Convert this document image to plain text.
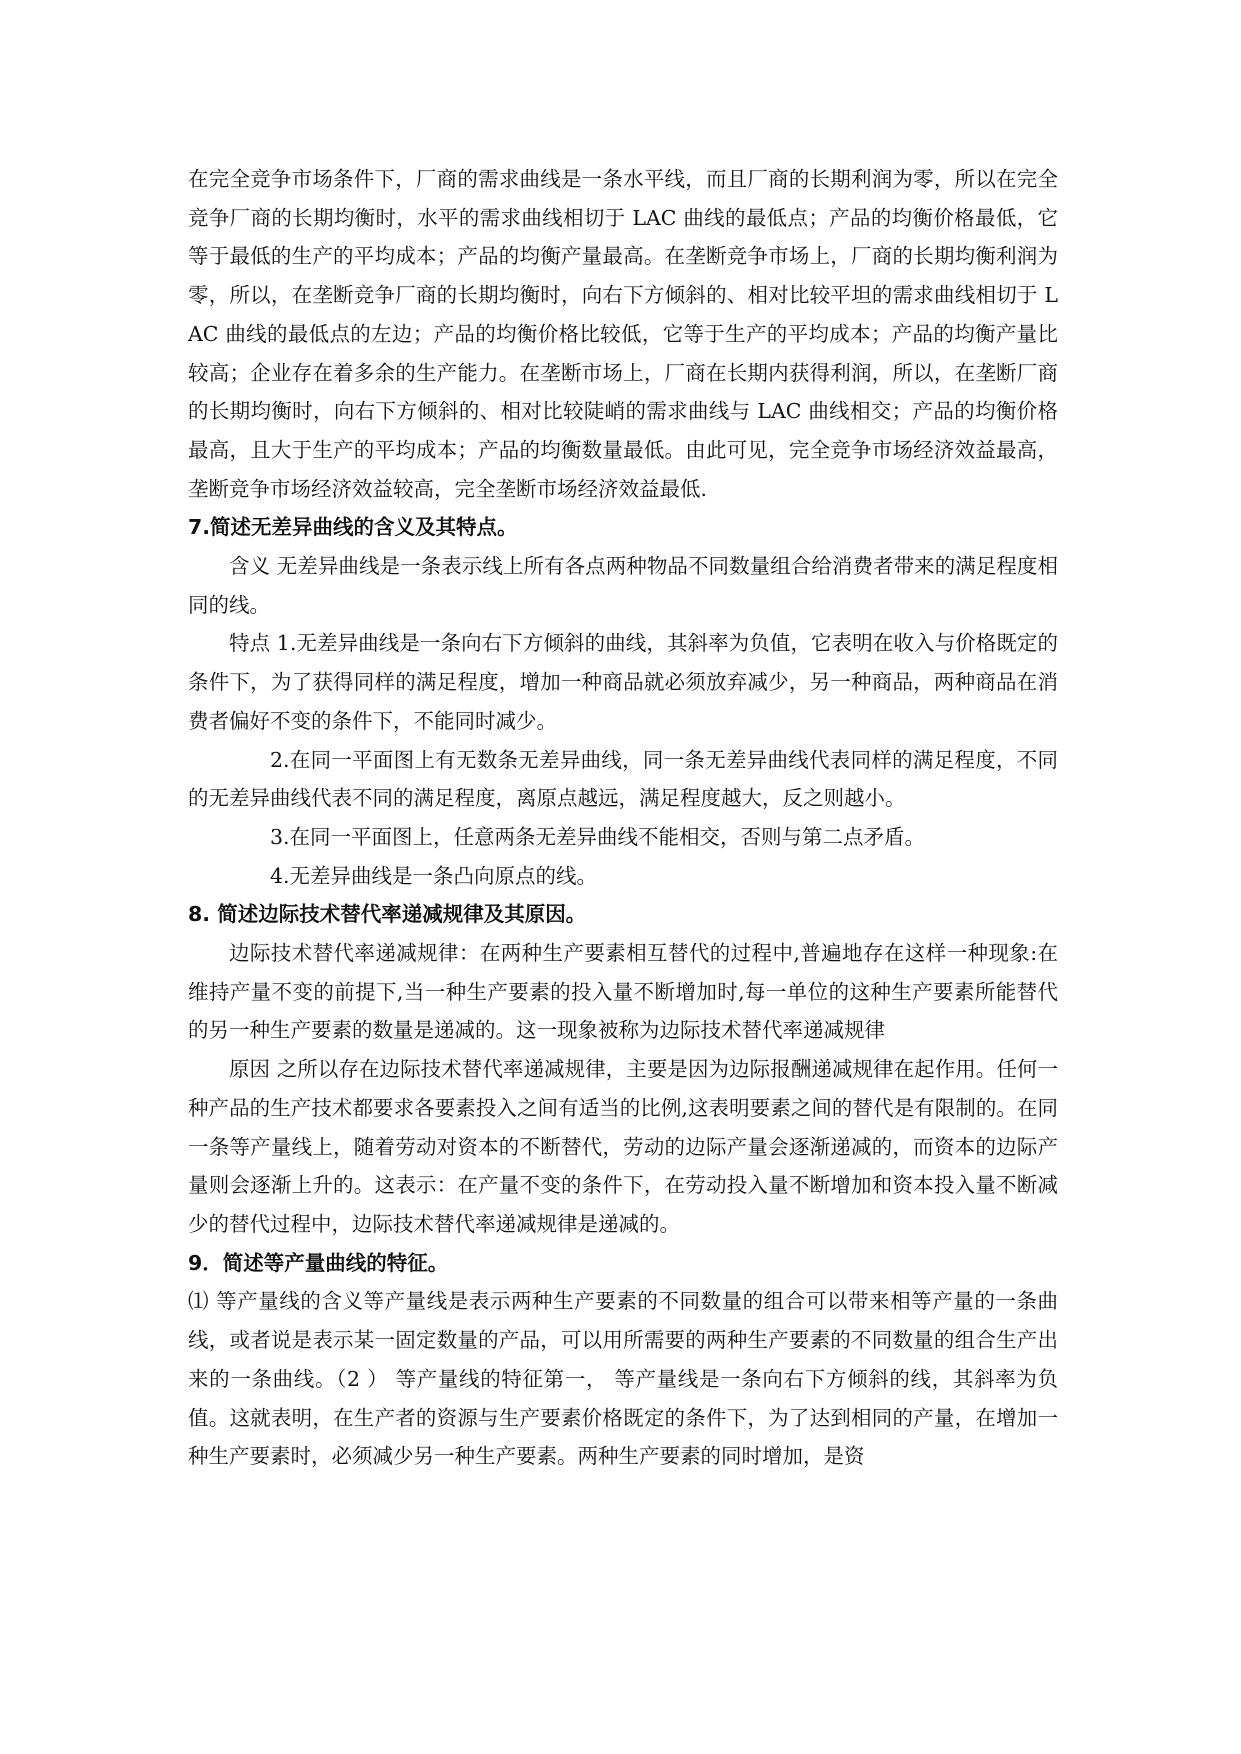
在完全竞争市场条件下，厂商的需求曲线是一条水平线，而且厂商的长期利润为零，所以在完全竞争厂商的长期均衡时，水平的需求曲线相切于 LAC 曲线的最低点；产品的均衡价格最低，它等于最低的生产的平均成本；产品的均衡产量最高。在垄断竞争市场上，厂商的长期均衡利润为零，所以，在垄断竞争厂商的长期均衡时，向右下方倾斜的、相对比较平坦的需求曲线相切于 LAC 曲线的最低点的左边；产品的均衡价格比较低，它等于生产的平均成本；产品的均衡产量比较高；企业存在着多余的生产能力。在垄断市场上，厂商在长期内获得利润，所以，在垄断厂商的长期均衡时，向右下方倾斜的、相对比较陡峭的需求曲线与 LAC 曲线相交；产品的均衡价格最高，且大于生产的平均成本；产品的均衡数量最低。由此可见，完全竞争市场经济效益最高，垄断竞争市场经济效益较高，完全垄断市场经济效益最低.

7.简述无差异曲线的含义及其特点。

含义 无差异曲线是一条表示线上所有各点两种物品不同数量组合给消费者带来的满足程度相同的线。

特点 1.无差异曲线是一条向右下方倾斜的曲线，其斜率为负值，它表明在收入与价格既定的条件下，为了获得同样的满足程度，增加一种商品就必须放弃减少，另一种商品，两种商品在消费者偏好不变的条件下，不能同时减少。

2.在同一平面图上有无数条无差异曲线，同一条无差异曲线代表同样的满足程度，不同的无差异曲线代表不同的满足程度，离原点越远，满足程度越大，反之则越小。

3.在同一平面图上，任意两条无差异曲线不能相交，否则与第二点矛盾。

4.无差异曲线是一条凸向原点的线。

8. 简述边际技术替代率递减规律及其原因。

边际技术替代率递减规律：在两种生产要素相互替代的过程中,普遍地存在这样一种现象:在维持产量不变的前提下,当一种生产要素的投入量不断增加时,每一单位的这种生产要素所能替代的另一种生产要素的数量是递减的。这一现象被称为边际技术替代率递减规律

原因 之所以存在边际技术替代率递减规律，主要是因为边际报酬递减规律在起作用。任何一种产品的生产技术都要求各要素投入之间有适当的比例,这表明要素之间的替代是有限制的。在同一条等产量线上，随着劳动对资本的不断替代，劳动的边际产量会逐渐递减的，而资本的边际产量则会逐渐上升的。这表示：在产量不变的条件下，在劳动投入量不断增加和资本投入量不断减少的替代过程中，边际技术替代率递减规律是递减的。

9．简述等产量曲线的特征。

⑴ 等产量线的含义等产量线是表示两种生产要素的不同数量的组合可以带来相等产量的一条曲线，或者说是表示某一固定数量的产品，可以用所需要的两种生产要素的不同数量的组合生产出来的一条曲线。（2 ） 等产量线的特征第一， 等产量线是一条向右下方倾斜的线，其斜率为负值。这就表明，在生产者的资源与生产要素价格既定的条件下，为了达到相同的产量，在增加一种生产要素时，必须减少另一种生产要素。两种生产要素的同时增加，是资
